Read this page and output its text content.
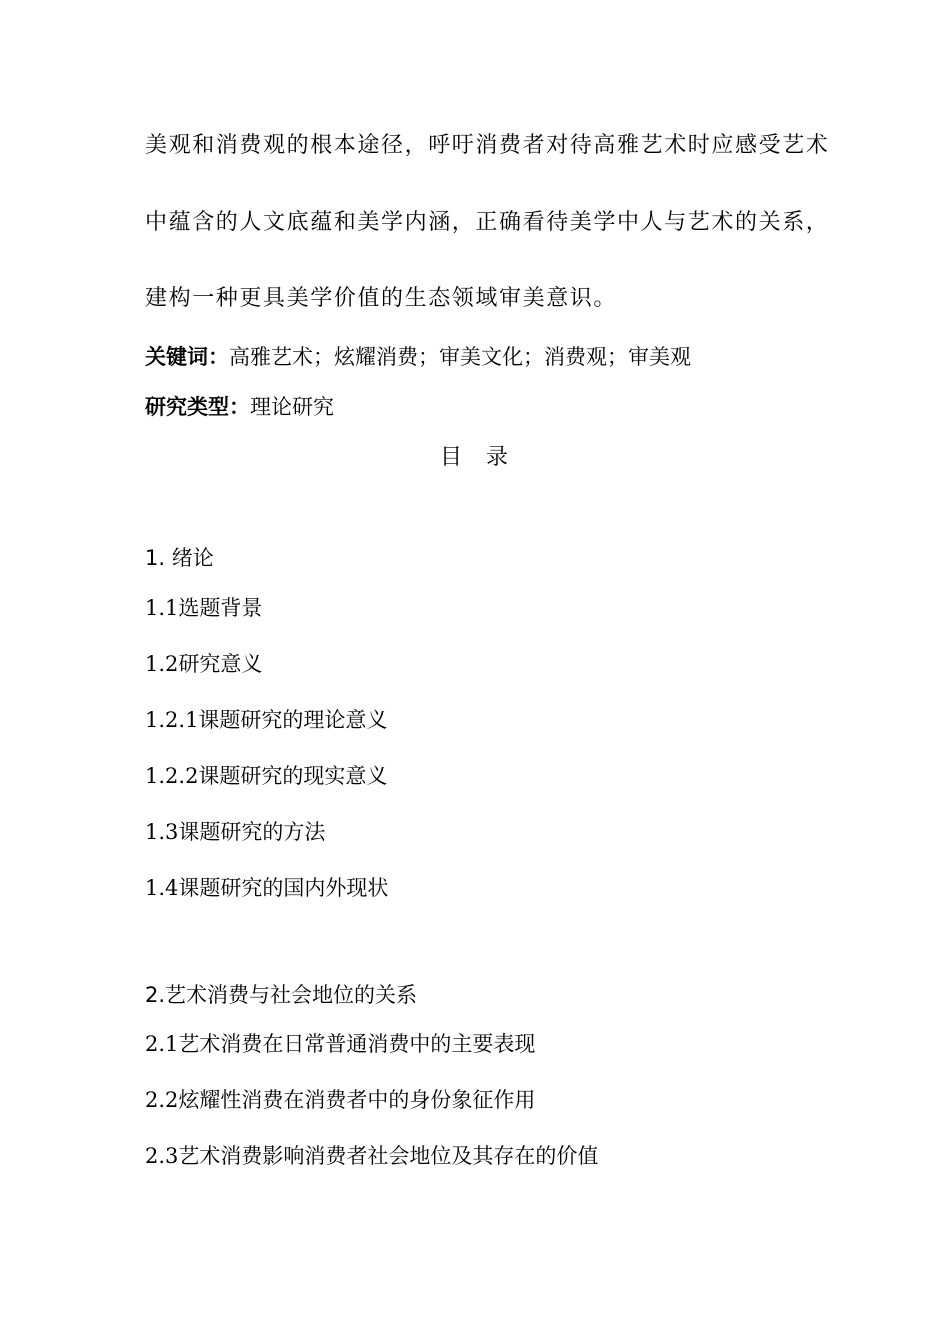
美观和消费观的根本途径，呼吁消费者对待高雅艺术时应感受艺术
中蕴含的人文底蕴和美学内涵，正确看待美学中人与艺术的关系，
建构一种更具美学价值的生态领域审美意识。
关键词：高雅艺术；炫耀消费；审美文化；消费观；审美观
研究类型：理论研究
目 录
1. 绪论
1.1选题背景
1.2研究意义
1.2.1课题研究的理论意义
1.2.2课题研究的现实意义
1.3课题研究的方法
1.4课题研究的国内外现状
2.艺术消费与社会地位的关系
2.1艺术消费在日常普通消费中的主要表现
2.2炫耀性消费在消费者中的身份象征作用
2.3艺术消费影响消费者社会地位及其存在的价值
